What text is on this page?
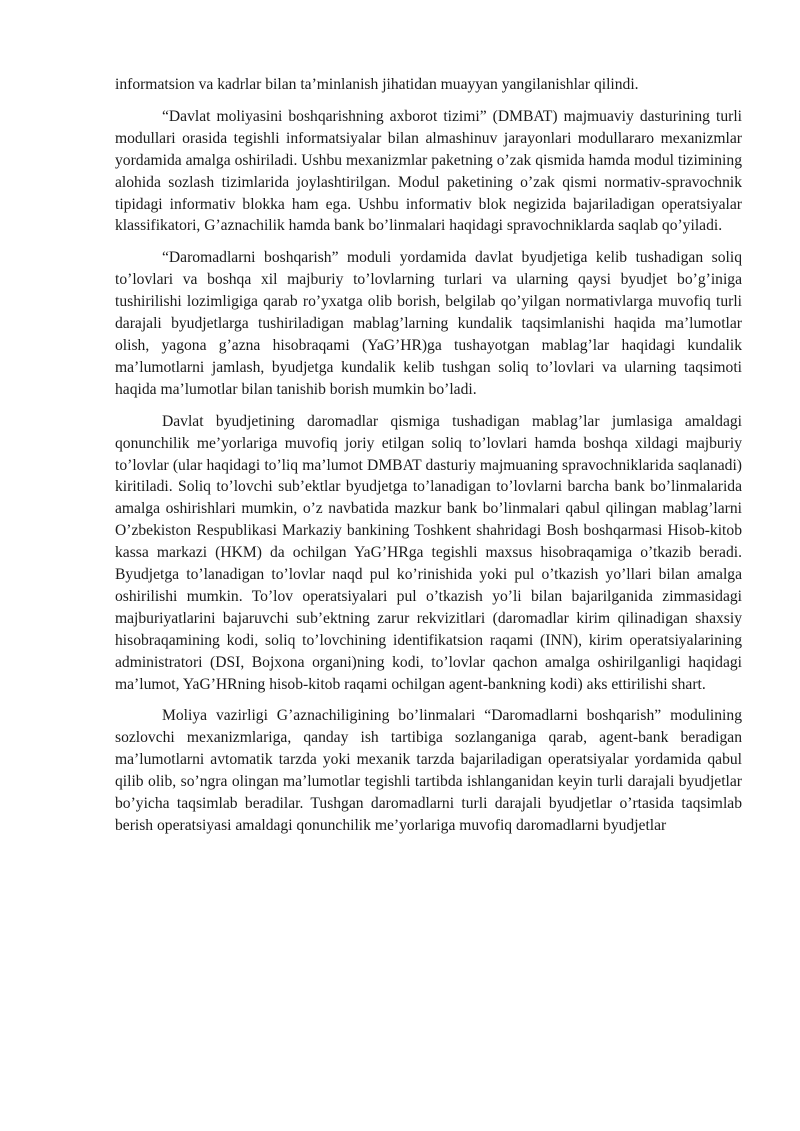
informatsion va kadrlar bilan ta’minlanish jihatidan muayyan yangilanishlar qilindi.

“Davlat moliyasini boshqarishning axborot tizimi” (DMBAT) majmuaviy dasturining turli modullari orasida tegishli informatsiyalar bilan almashinuv jarayonlari modullararo mexanizmlar yordamida amalga oshiriladi. Ushbu mexanizmlar paketning o’zak qismida hamda modul tizimining alohida sozlash tizimlarida joylashtirilgan. Modul paketining o’zak qismi normativ-spravochnik tipidagi informativ blokka ham ega. Ushbu informativ blok negizida bajariladigan operatsiyalar klassifikatori, G’aznachilik hamda bank bo’linmalari haqidagi spravochniklarda saqlab qo’yiladi.

“Daromadlarni boshqarish” moduli yordamida davlat byudjetiga kelib tushadigan soliq to’lovlari va boshqa xil majburiy to’lovlarning turlari va ularning qaysi byudjet bo’g’iniga tushirilishi lozimligiga qarab ro’yxatga olib borish, belgilab qo’yilgan normativlarga muvofiq turli darajali byudjetlarga tushiriladigan mablag’larning kundalik taqsimlanishi haqida ma’lumotlar olish, yagona g’azna hisobraqami (YaG’HR)ga tushayotgan mablag’lar haqidagi kundalik ma’lumotlarni jamlash, byudjetga kundalik kelib tushgan soliq to’lovlari va ularning taqsimoti haqida ma’lumotlar bilan tanishib borish mumkin bo’ladi.

Davlat byudjetining daromadlar qismiga tushadigan mablag’lar jumlasiga amaldagi qonunchilik me’yorlariga muvofiq joriy etilgan soliq to’lovlari hamda boshqa xildagi majburiy to’lovlar (ular haqidagi to’liq ma’lumot DMBAT dasturiy majmuaning spravochniklarida saqlanadi) kiritiladi. Soliq to’lovchi sub’ektlar byudjetga to’lanadigan to’lovlarni barcha bank bo’linmalarida amalga oshirishlari mumkin, o’z navbatida mazkur bank bo’linmalari qabul qilingan mablag’larni O’zbekiston Respublikasi Markaziy bankining Toshkent shahridagi Bosh boshqarmasi Hisob-kitob kassa markazi (HKM) da ochilgan YaG’HRga tegishli maxsus hisobraqamiga o’tkazib beradi. Byudjetga to’lanadigan to’lovlar naqd pul ko’rinishida yoki pul o’tkazish yo’llari bilan amalga oshirilishi mumkin. To’lov operatsiyalari pul o’tkazish yo’li bilan bajarilganida zimmasidagi majburiyatlarini bajaruvchi sub’ektning zarur rekvizitlari (daromadlar kirim qilinadigan shaxsiy hisobraqamining kodi, soliq to’lovchining identifikatsion raqami (INN), kirim operatsiyalarining administratori (DSI, Bojxona organi)ning kodi, to’lovlar qachon amalga oshirilganligi haqidagi ma’lumot, YaG’HRning hisob-kitob raqami ochilgan agent-bankning kodi) aks ettirilishi shart.

Moliya vazirligi G’aznachiligining bo’linmalari “Daromadlarni boshqarish” modulining sozlovchi mexanizmlariga, qanday ish tartibiga sozlanganiga qarab, agent-bank beradigan ma’lumotlarni avtomatik tarzda yoki mexanik tarzda bajariladigan operatsiyalar yordamida qabul qilib olib, so’ngra olingan ma’lumotlar tegishli tartibda ishlanganidan keyin turli darajali byudjetlar bo’yicha taqsimlab beradilar. Tushgan daromadlarni turli darajali byudjetlar o’rtasida taqsimlab berish operatsiyasi amaldagi qonunchilik me’yorlariga muvofiq daromadlarni byudjetlar
